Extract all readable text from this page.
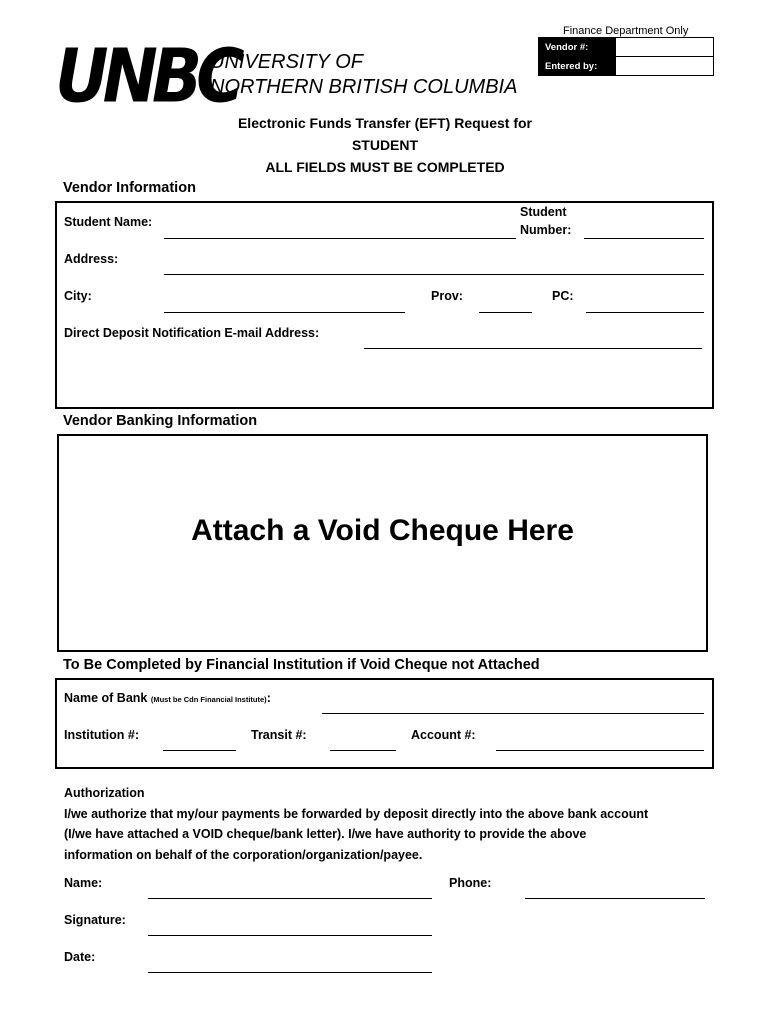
UNBC
UNIVERSITY OF
NORTHERN BRITISH COLUMBIA
Finance Department Only
Vendor #:	
Entered by:	
Electronic Funds Transfer (EFT) Request for
STUDENT
ALL FIELDS MUST BE COMPLETED
Vendor Information
Student Name:
Student
Number:
Address:
City:	Prov:	PC:
Direct Deposit Notification E-mail Address:
Vendor Banking Information
Attach a Void Cheque Here
To Be Completed by Financial Institution if Void Cheque not Attached
Name of Bank (Must be Cdn Financial Institute):
Institution #:	Transit #:	Account #:
Authorization
I/we authorize that my/our payments be forwarded by deposit directly into the above bank account
(I/we have attached a VOID cheque/bank letter). I/we have authority to provide the above
information on behalf of the corporation/organization/payee.
Name:	Phone:
Signature:
Date:
